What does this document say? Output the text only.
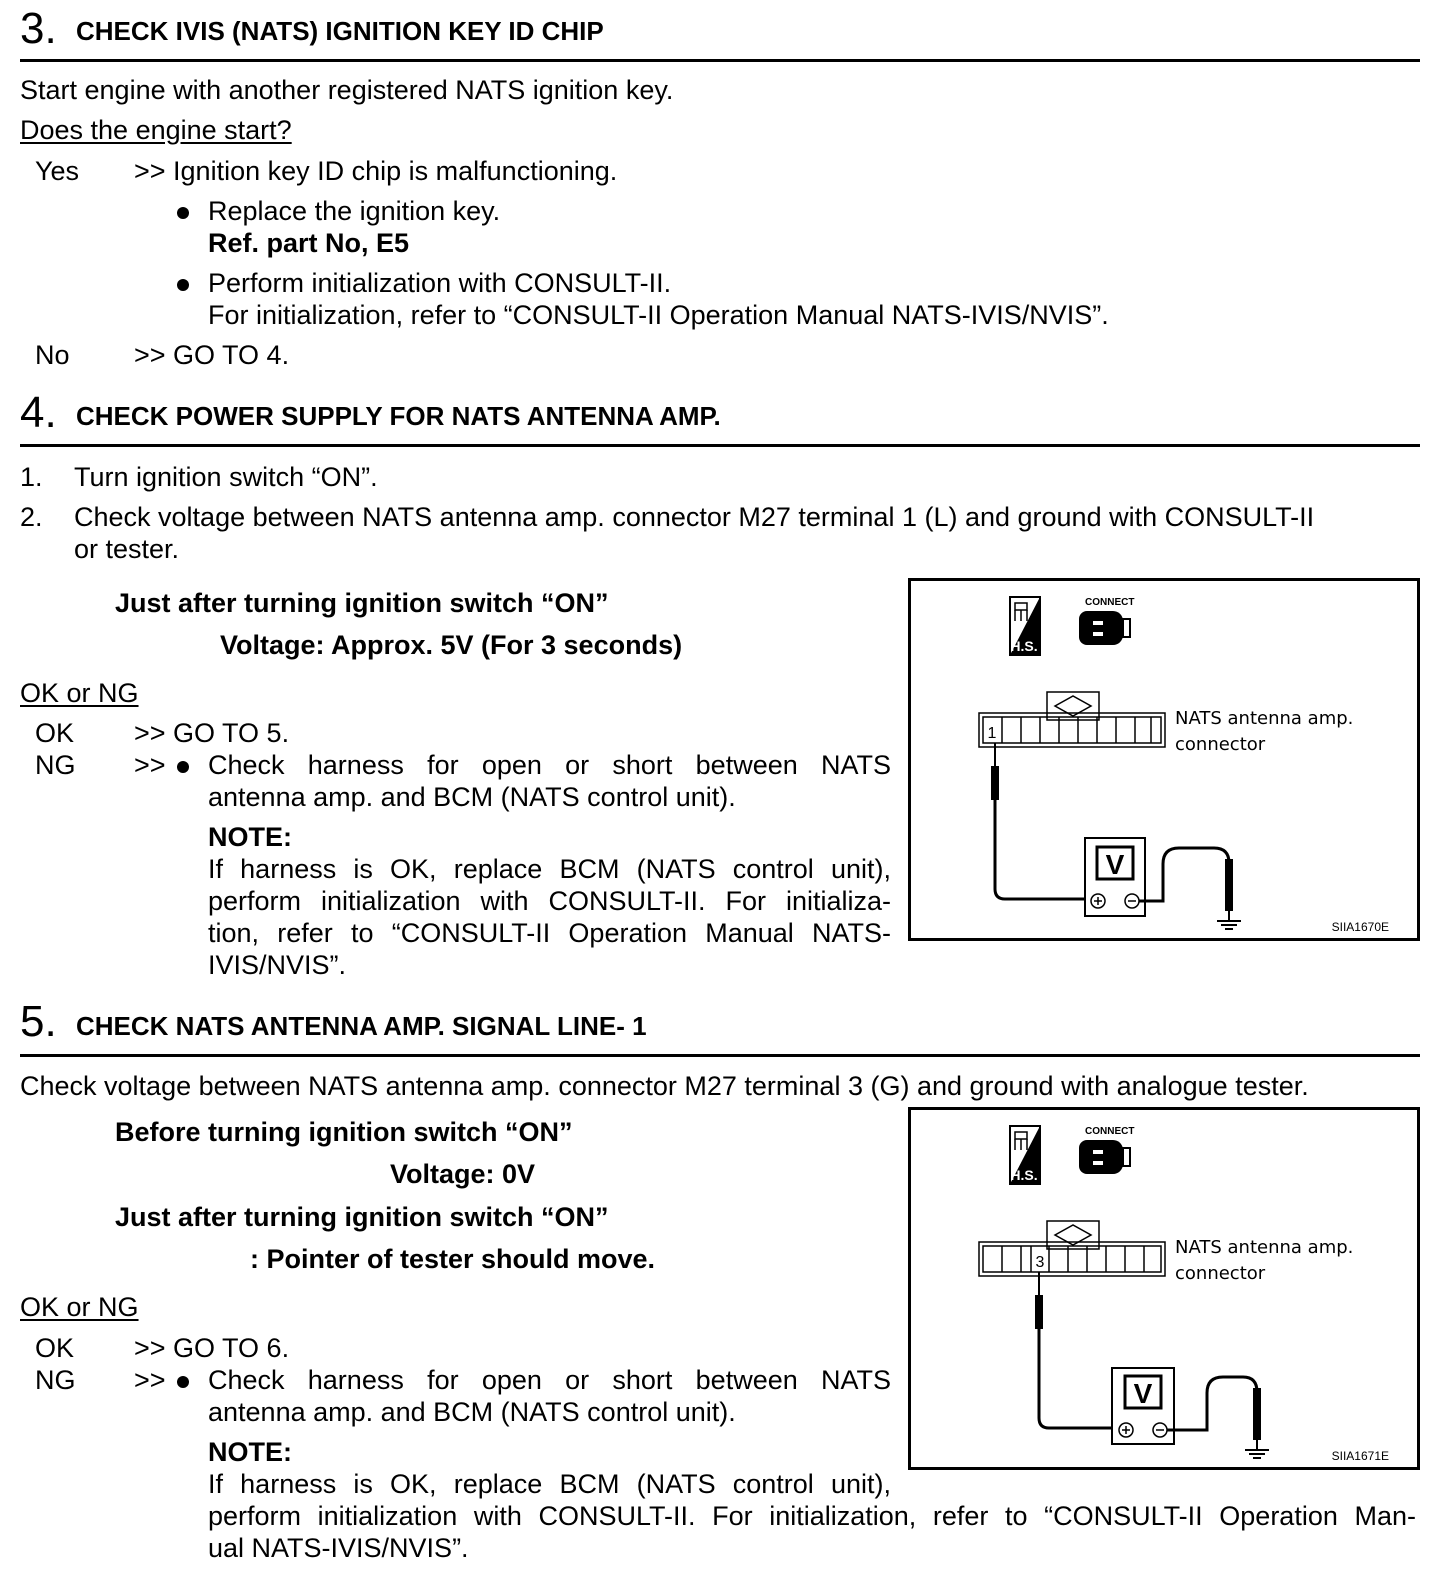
3. CHECK IVIS (NATS) IGNITION KEY ID CHIP
Start engine with another registered NATS ignition key.
Does the engine start?
Yes >> Ignition key ID chip is malfunctioning.
Replace the ignition key.
Ref. part No, E5
Perform initialization with CONSULT-II.
For initialization, refer to “CONSULT-II Operation Manual NATS-IVIS/NVIS”.
No >> GO TO 4.
4. CHECK POWER SUPPLY FOR NATS ANTENNA AMP.
1. Turn ignition switch “ON”.
2. Check voltage between NATS antenna amp. connector M27 terminal 1 (L) and ground with CONSULT-II
or tester.
Just after turning ignition switch “ON”
Voltage: Approx. 5V (For 3 seconds)
OK or NG
OK >> GO TO 5.
NG >> Check harness for open or short between NATS
antenna amp. and BCM (NATS control unit).
NOTE:
If harness is OK, replace BCM (NATS control unit),
perform initialization with CONSULT-II. For initializa-
tion, refer to “CONSULT-II Operation Manual NATS-
IVIS/NVIS”.
H.S.
CONNECT
1
NATS antenna amp.
connector
V
SIIA1670E
5. CHECK NATS ANTENNA AMP. SIGNAL LINE- 1
Check voltage between NATS antenna amp. connector M27 terminal 3 (G) and ground with analogue tester.
Before turning ignition switch “ON”
Voltage: 0V
Just after turning ignition switch “ON”
: Pointer of tester should move.
OK or NG
OK >> GO TO 6.
NG >> Check harness for open or short between NATS
antenna amp. and BCM (NATS control unit).
NOTE:
If harness is OK, replace BCM (NATS control unit),
perform initialization with CONSULT-II. For initialization, refer to “CONSULT-II Operation Man-
ual NATS-IVIS/NVIS”.
H.S.
CONNECT
3
NATS antenna amp.
connector
V
SIIA1671E
